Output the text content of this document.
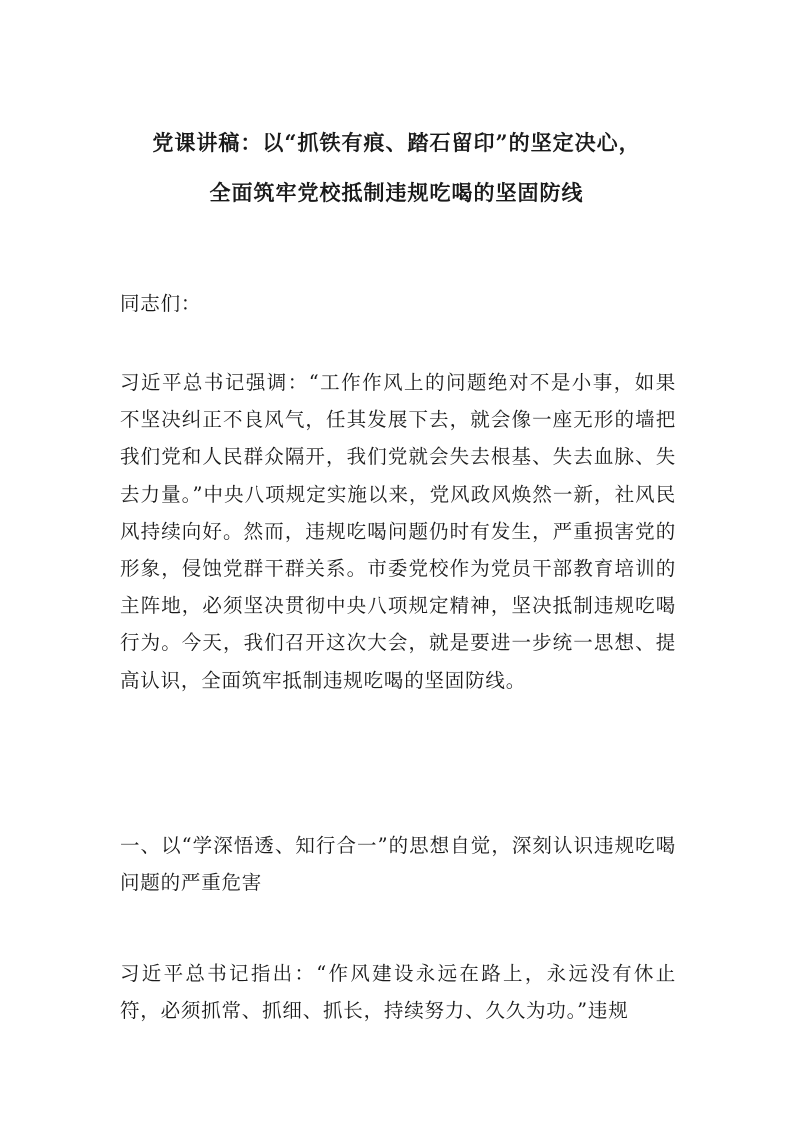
党课讲稿：以“抓铁有痕、踏石留印”的坚定决心，
全面筑牢党校抵制违规吃喝的坚固防线

同志们：

习近平总书记强调：“工作作风上的问题绝对不是小事，如果不坚决纠正不良风气，任其发展下去，就会像一座无形的墙把我们党和人民群众隔开，我们党就会失去根基、失去血脉、失去力量。”中央八项规定实施以来，党风政风焕然一新，社风民风持续向好。然而，违规吃喝问题仍时有发生，严重损害党的形象，侵蚀党群干群关系。市委党校作为党员干部教育培训的主阵地，必须坚决贯彻中央八项规定精神，坚决抵制违规吃喝行为。今天，我们召开这次大会，就是要进一步统一思想、提高认识，全面筑牢抵制违规吃喝的坚固防线。

一、以“学深悟透、知行合一”的思想自觉，深刻认识违规吃喝问题的严重危害

习近平总书记指出：“作风建设永远在路上，永远没有休止符，必须抓常、抓细、抓长，持续努力、久久为功。”违规
